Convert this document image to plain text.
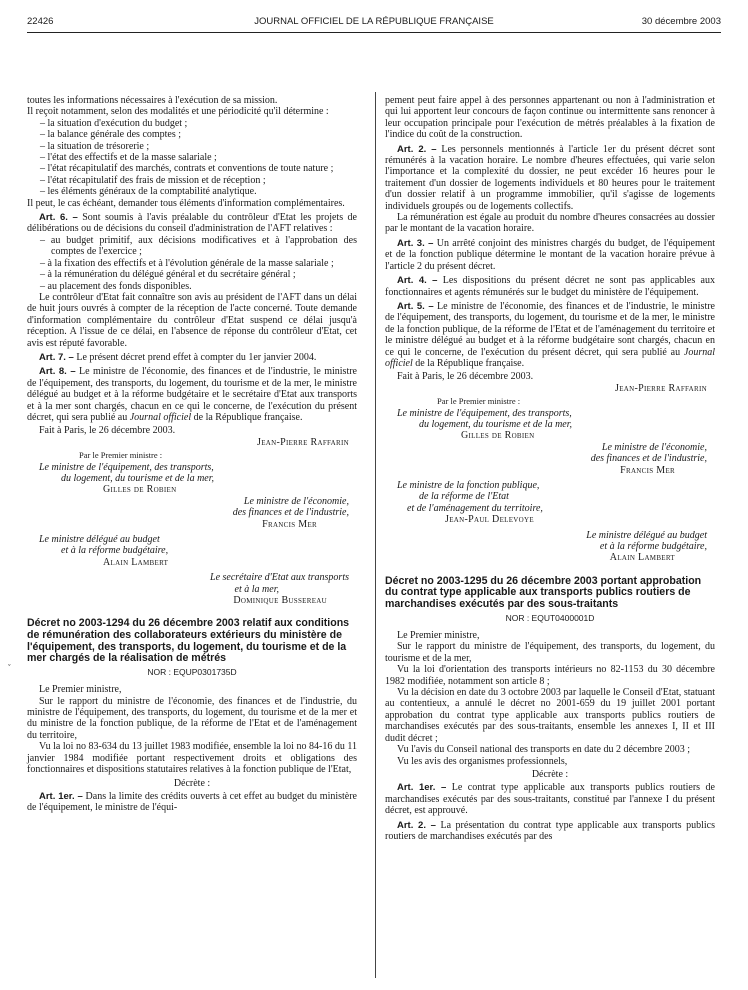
22426	JOURNAL OFFICIEL DE LA RÉPUBLIQUE FRANÇAISE	30 décembre 2003
ˇ

toutes les informations nécessaires à l'exécution de sa mission.

Il reçoit notamment, selon des modalités et une périodicité qu'il détermine :

– la situation d'exécution du budget ;

– la balance générale des comptes ;

– la situation de trésorerie ;

– l'état des effectifs et de la masse salariale ;

– l'état récapitulatif des marchés, contrats et conventions de toute nature ;

– l'état récapitulatif des frais de mission et de réception ;

– les éléments généraux de la comptabilité analytique.

Il peut, le cas échéant, demander tous éléments d'information complémentaires.

Art. 6. – Sont soumis à l'avis préalable du contrôleur d'Etat les projets de délibérations ou de décisions du conseil d'administration de l'AFT relatives :

– au budget primitif, aux décisions modificatives et à l'approbation des comptes de l'exercice ;

– à la fixation des effectifs et à l'évolution générale de la masse salariale ;

– à la rémunération du délégué général et du secrétaire général ;

– au placement des fonds disponibles.

Le contrôleur d'Etat fait connaître son avis au président de l'AFT dans un délai de huit jours ouvrés à compter de la réception de l'acte concerné. Toute demande d'information complémentaire du contrôleur d'Etat suspend ce délai jusqu'à réception. A l'issue de ce délai, en l'absence de réponse du contrôleur d'Etat, cet avis est réputé favorable.

Art. 7. – Le présent décret prend effet à compter du 1er janvier 2004.

Art. 8. – Le ministre de l'économie, des finances et de l'industrie, le ministre de l'équipement, des transports, du logement, du tourisme et de la mer, le ministre délégué au budget et à la réforme budgétaire et le secrétaire d'Etat aux transports et à la mer sont chargés, chacun en ce qui le concerne, de l'exécution du présent décret, qui sera publié au Journal officiel de la République française.

Fait à Paris, le 26 décembre 2003.

Jean-Pierre Raffarin

Par le Premier ministre :

Le ministre de l'équipement, des transports,
du logement, du tourisme et de la mer,

Gilles de Robien

Le ministre de l'économie,
des finances et de l'industrie,

Francis Mer

Le ministre délégué au budget
et à la réforme budgétaire,

Alain Lambert

Le secrétaire d'Etat aux transports
et à la mer,

Dominique Bussereau

Décret no 2003-1294 du 26 décembre 2003 relatif aux conditions de rémunération des collaborateurs extérieurs du ministère de l'équipement, des transports, du logement, du tourisme et de la mer chargés de la réalisation de métrés

NOR : EQUP0301735D

Le Premier ministre,

Sur le rapport du ministre de l'économie, des finances et de l'industrie, du ministre de l'équipement, des transports, du logement, du tourisme et de la mer et du ministre de la fonction publique, de la réforme de l'Etat et de l'aménagement du territoire,

Vu la loi no 83-634 du 13 juillet 1983 modifiée, ensemble la loi no 84-16 du 11 janvier 1984 modifiée portant respectivement droits et obligations des fonctionnaires et dispositions statutaires relatives à la fonction publique de l'Etat,

Décrète :

Art. 1er. – Dans la limite des crédits ouverts à cet effet au budget du ministère de l'équipement, le ministre de l'équi-

pement peut faire appel à des personnes appartenant ou non à l'administration et qui lui apportent leur concours de façon continue ou intermittente sans renoncer à leur occupation principale pour l'exécution de métrés préalables à la fixation de l'indice du coût de la construction.

Art. 2. – Les personnels mentionnés à l'article 1er du présent décret sont rémunérés à la vacation horaire. Le nombre d'heures effectuées, qui varie selon l'importance et la complexité du dossier, ne peut excéder 16 heures pour le traitement d'un dossier de logements individuels et 80 heures pour le traitement d'un dossier relatif à un programme immobilier, qu'il s'agisse de logements individuels groupés ou de logements collectifs.

La rémunération est égale au produit du nombre d'heures consacrées au dossier par le montant de la vacation horaire.

Art. 3. – Un arrêté conjoint des ministres chargés du budget, de l'équipement et de la fonction publique détermine le montant de la vacation horaire prévue à l'article 2 du présent décret.

Art. 4. – Les dispositions du présent décret ne sont pas applicables aux fonctionnaires et agents rémunérés sur le budget du ministère de l'équipement.

Art. 5. – Le ministre de l'économie, des finances et de l'industrie, le ministre de l'équipement, des transports, du logement, du tourisme et de la mer, le ministre de la fonction publique, de la réforme de l'Etat et de l'aménagement du territoire et le ministre délégué au budget et à la réforme budgétaire sont chargés, chacun en ce qui le concerne, de l'exécution du présent décret, qui sera publié au Journal officiel de la République française.

Fait à Paris, le 26 décembre 2003.

Jean-Pierre Raffarin

Par le Premier ministre :

Le ministre de l'équipement, des transports,
du logement, du tourisme et de la mer,

Gilles de Robien

Le ministre de l'économie,
des finances et de l'industrie,

Francis Mer

Le ministre de la fonction publique,
de la réforme de l'Etat
et de l'aménagement du territoire,

Jean-Paul Delevoye

Le ministre délégué au budget
et à la réforme budgétaire,

Alain Lambert

Décret no 2003-1295 du 26 décembre 2003 portant approbation du contrat type applicable aux transports publics routiers de marchandises exécutés par des sous-traitants

NOR : EQUT0400001D

Le Premier ministre,

Sur le rapport du ministre de l'équipement, des transports, du logement, du tourisme et de la mer,

Vu la loi d'orientation des transports intérieurs no 82-1153 du 30 décembre 1982 modifiée, notamment son article 8 ;

Vu la décision en date du 3 octobre 2003 par laquelle le Conseil d'Etat, statuant au contentieux, a annulé le décret no 2001-659 du 19 juillet 2001 portant approbation du contrat type applicable aux transports publics routiers de marchandises exécutés par des sous-traitants, ensemble les annexes I, II et III dudit décret ;

Vu l'avis du Conseil national des transports en date du 2 décembre 2003 ;

Vu les avis des organismes professionnels,

Décrète :

Art. 1er. – Le contrat type applicable aux transports publics routiers de marchandises exécutés par des sous-traitants, constitué par l'annexe I du présent décret, est approuvé.

Art. 2. – La présentation du contrat type applicable aux transports publics routiers de marchandises exécutés par des
